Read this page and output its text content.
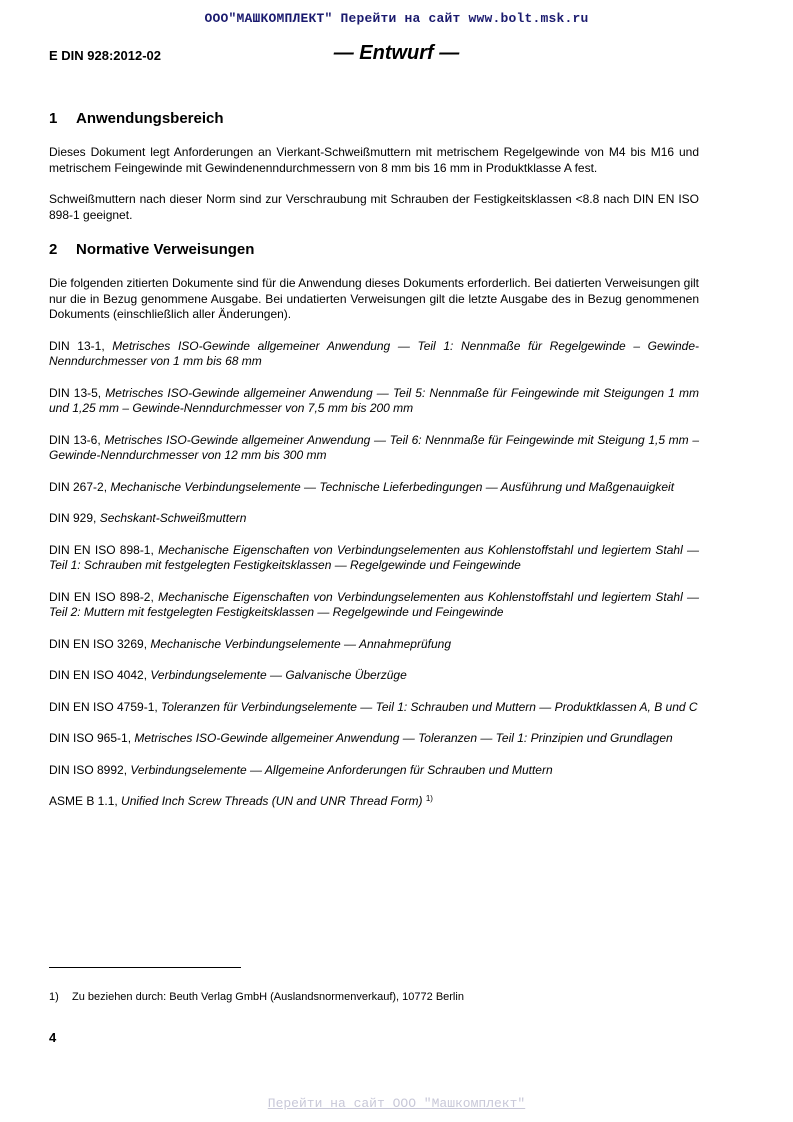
ООО"МАШКОМПЛЕКТ" Перейти на сайт www.bolt.msk.ru
E DIN 928:2012-02	— Entwurf —
1 Anwendungsbereich

Dieses Dokument legt Anforderungen an Vierkant-Schweißmuttern mit metrischem Regelgewinde von M4 bis M16 und metrischem Feingewinde mit Gewindenenndurchmessern von 8 mm bis 16 mm in Produktklasse A fest.

Schweißmuttern nach dieser Norm sind zur Verschraubung mit Schrauben der Festigkeitsklassen <8.8 nach DIN EN ISO 898-1 geeignet.

2 Normative Verweisungen

Die folgenden zitierten Dokumente sind für die Anwendung dieses Dokuments erforderlich. Bei datierten Verweisungen gilt nur die in Bezug genommene Ausgabe. Bei undatierten Verweisungen gilt die letzte Ausgabe des in Bezug genommenen Dokuments (einschließlich aller Änderungen).

DIN 13-1, Metrisches ISO-Gewinde allgemeiner Anwendung — Teil 1: Nennmaße für Regelgewinde – Gewinde-Nenndurchmesser von 1 mm bis 68 mm

DIN 13-5, Metrisches ISO-Gewinde allgemeiner Anwendung — Teil 5: Nennmaße für Feingewinde mit Steigungen 1 mm und 1,25 mm – Gewinde-Nenndurchmesser von 7,5 mm bis 200 mm

DIN 13-6, Metrisches ISO-Gewinde allgemeiner Anwendung — Teil 6: Nennmaße für Feingewinde mit Steigung 1,5 mm – Gewinde-Nenndurchmesser von 12 mm bis 300 mm

DIN 267-2, Mechanische Verbindungselemente — Technische Lieferbedingungen — Ausführung und Maßgenauigkeit

DIN 929, Sechskant-Schweißmuttern

DIN EN ISO 898-1, Mechanische Eigenschaften von Verbindungselementen aus Kohlenstoffstahl und legiertem Stahl — Teil 1: Schrauben mit festgelegten Festigkeitsklassen — Regelgewinde und Feingewinde

DIN EN ISO 898-2, Mechanische Eigenschaften von Verbindungselementen aus Kohlenstoffstahl und legiertem Stahl — Teil 2: Muttern mit festgelegten Festigkeitsklassen — Regelgewinde und Feingewinde

DIN EN ISO 3269, Mechanische Verbindungselemente — Annahmeprüfung

DIN EN ISO 4042, Verbindungselemente — Galvanische Überzüge

DIN EN ISO 4759-1, Toleranzen für Verbindungselemente — Teil 1: Schrauben und Muttern — Produktklassen A, B und C

DIN ISO 965-1, Metrisches ISO-Gewinde allgemeiner Anwendung — Toleranzen — Teil 1: Prinzipien und Grundlagen

DIN ISO 8992, Verbindungselemente — Allgemeine Anforderungen für Schrauben und Muttern

ASME B 1.1, Unified Inch Screw Threads (UN and UNR Thread Form) $^{1)}$

1) Zu beziehen durch: Beuth Verlag GmbH (Auslandsnormenverkauf), 10772 Berlin
4
Перейти на сайт ООО "Машкомплект"
